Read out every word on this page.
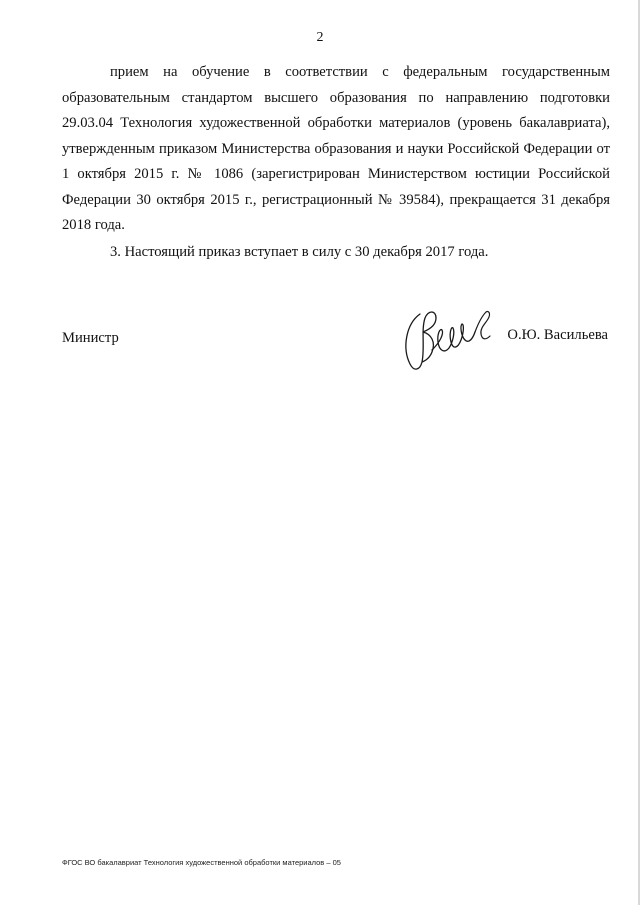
2

прием на обучение в соответствии с федеральным государственным образовательным стандартом высшего образования по направлению подготовки 29.03.04 Технология художественной обработки материалов (уровень бакалавриата), утвержденным приказом Министерства образования и науки Российской Федерации от 1 октября 2015 г. № 1086 (зарегистрирован Министерством юстиции Российской Федерации 30 октября 2015 г., регистрационный № 39584), прекращается 31 декабря 2018 года.

3. Настоящий приказ вступает в силу с 30 декабря 2017 года.

Министр	О.Ю. Васильева
ФГОС ВО бакалавриат Технология художественной обработки материалов – 05
